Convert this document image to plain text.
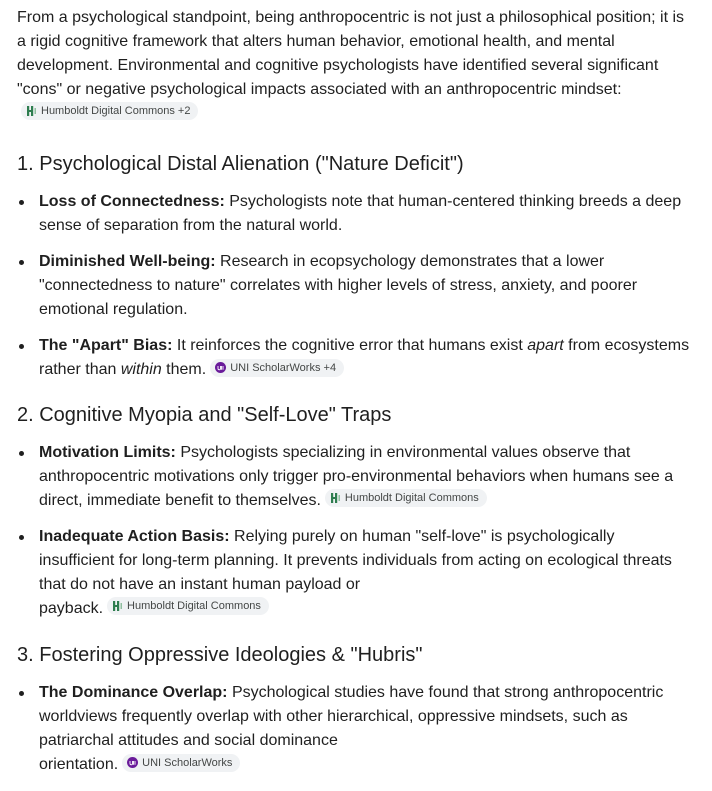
From a psychological standpoint, being anthropocentric is not just a philosophical position; it is a rigid cognitive framework that alters human behavior, emotional health, and mental development. Environmental and cognitive psychologists have identified several significant "cons" or negative psychological impacts associated with an anthropocentric mindset:
Humboldt Digital Commons +2

1. Psychological Distal Alienation ("Nature Deficit")
Loss of Connectedness: Psychologists note that human-centered thinking breeds a deep sense of separation from the natural world.
Diminished Well-being: Research in ecopsychology demonstrates that a lower "connectedness to nature" correlates with higher levels of stress, anxiety, and poorer emotional regulation.
The "Apart" Bias: It reinforces the cognitive error that humans exist apart from ecosystems rather than within them. UNI ScholarWorks +4
2. Cognitive Myopia and "Self-Love" Traps
Motivation Limits: Psychologists specializing in environmental values observe that anthropocentric motivations only trigger pro-environmental behaviors when humans see a direct, immediate benefit to themselves. Humboldt Digital Commons
Inadequate Action Basis: Relying purely on human "self-love" is psychologically insufficient for long-term planning. It prevents individuals from acting on ecological threats that do not have an instant human payload or
payback. Humboldt Digital Commons
3. Fostering Oppressive Ideologies & "Hubris"
The Dominance Overlap: Psychological studies have found that strong anthropocentric worldviews frequently overlap with other hierarchical, oppressive mindsets, such as patriarchal attitudes and social dominance
orientation. UNI ScholarWorks
